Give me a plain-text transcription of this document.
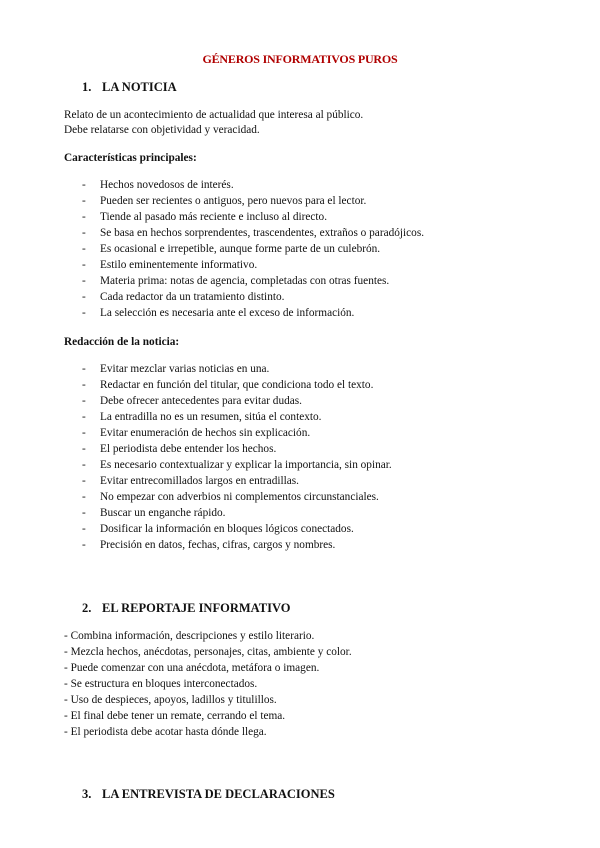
GÉNEROS INFORMATIVOS PUROS
1. LA NOTICIA
Relato de un acontecimiento de actualidad que interesa al público.
Debe relatarse con objetividad y veracidad.
Características principales:
- Hechos novedosos de interés.
- Pueden ser recientes o antiguos, pero nuevos para el lector.
- Tiende al pasado más reciente e incluso al directo.
- Se basa en hechos sorprendentes, trascendentes, extraños o paradójicos.
- Es ocasional e irrepetible, aunque forme parte de un culebrón.
- Estilo eminentemente informativo.
- Materia prima: notas de agencia, completadas con otras fuentes.
- Cada redactor da un tratamiento distinto.
- La selección es necesaria ante el exceso de información.
Redacción de la noticia:
- Evitar mezclar varias noticias en una.
- Redactar en función del titular, que condiciona todo el texto.
- Debe ofrecer antecedentes para evitar dudas.
- La entradilla no es un resumen, sitúa el contexto.
- Evitar enumeración de hechos sin explicación.
- El periodista debe entender los hechos.
- Es necesario contextualizar y explicar la importancia, sin opinar.
- Evitar entrecomillados largos en entradillas.
- No empezar con adverbios ni complementos circunstanciales.
- Buscar un enganche rápido.
- Dosificar la información en bloques lógicos conectados.
- Precisión en datos, fechas, cifras, cargos y nombres.
2. EL REPORTAJE INFORMATIVO
- Combina información, descripciones y estilo literario.
- Mezcla hechos, anécdotas, personajes, citas, ambiente y color.
- Puede comenzar con una anécdota, metáfora o imagen.
- Se estructura en bloques interconectados.
- Uso de despieces, apoyos, ladillos y titulillos.
- El final debe tener un remate, cerrando el tema.
- El periodista debe acotar hasta dónde llega.
3. LA ENTREVISTA DE DECLARACIONES
